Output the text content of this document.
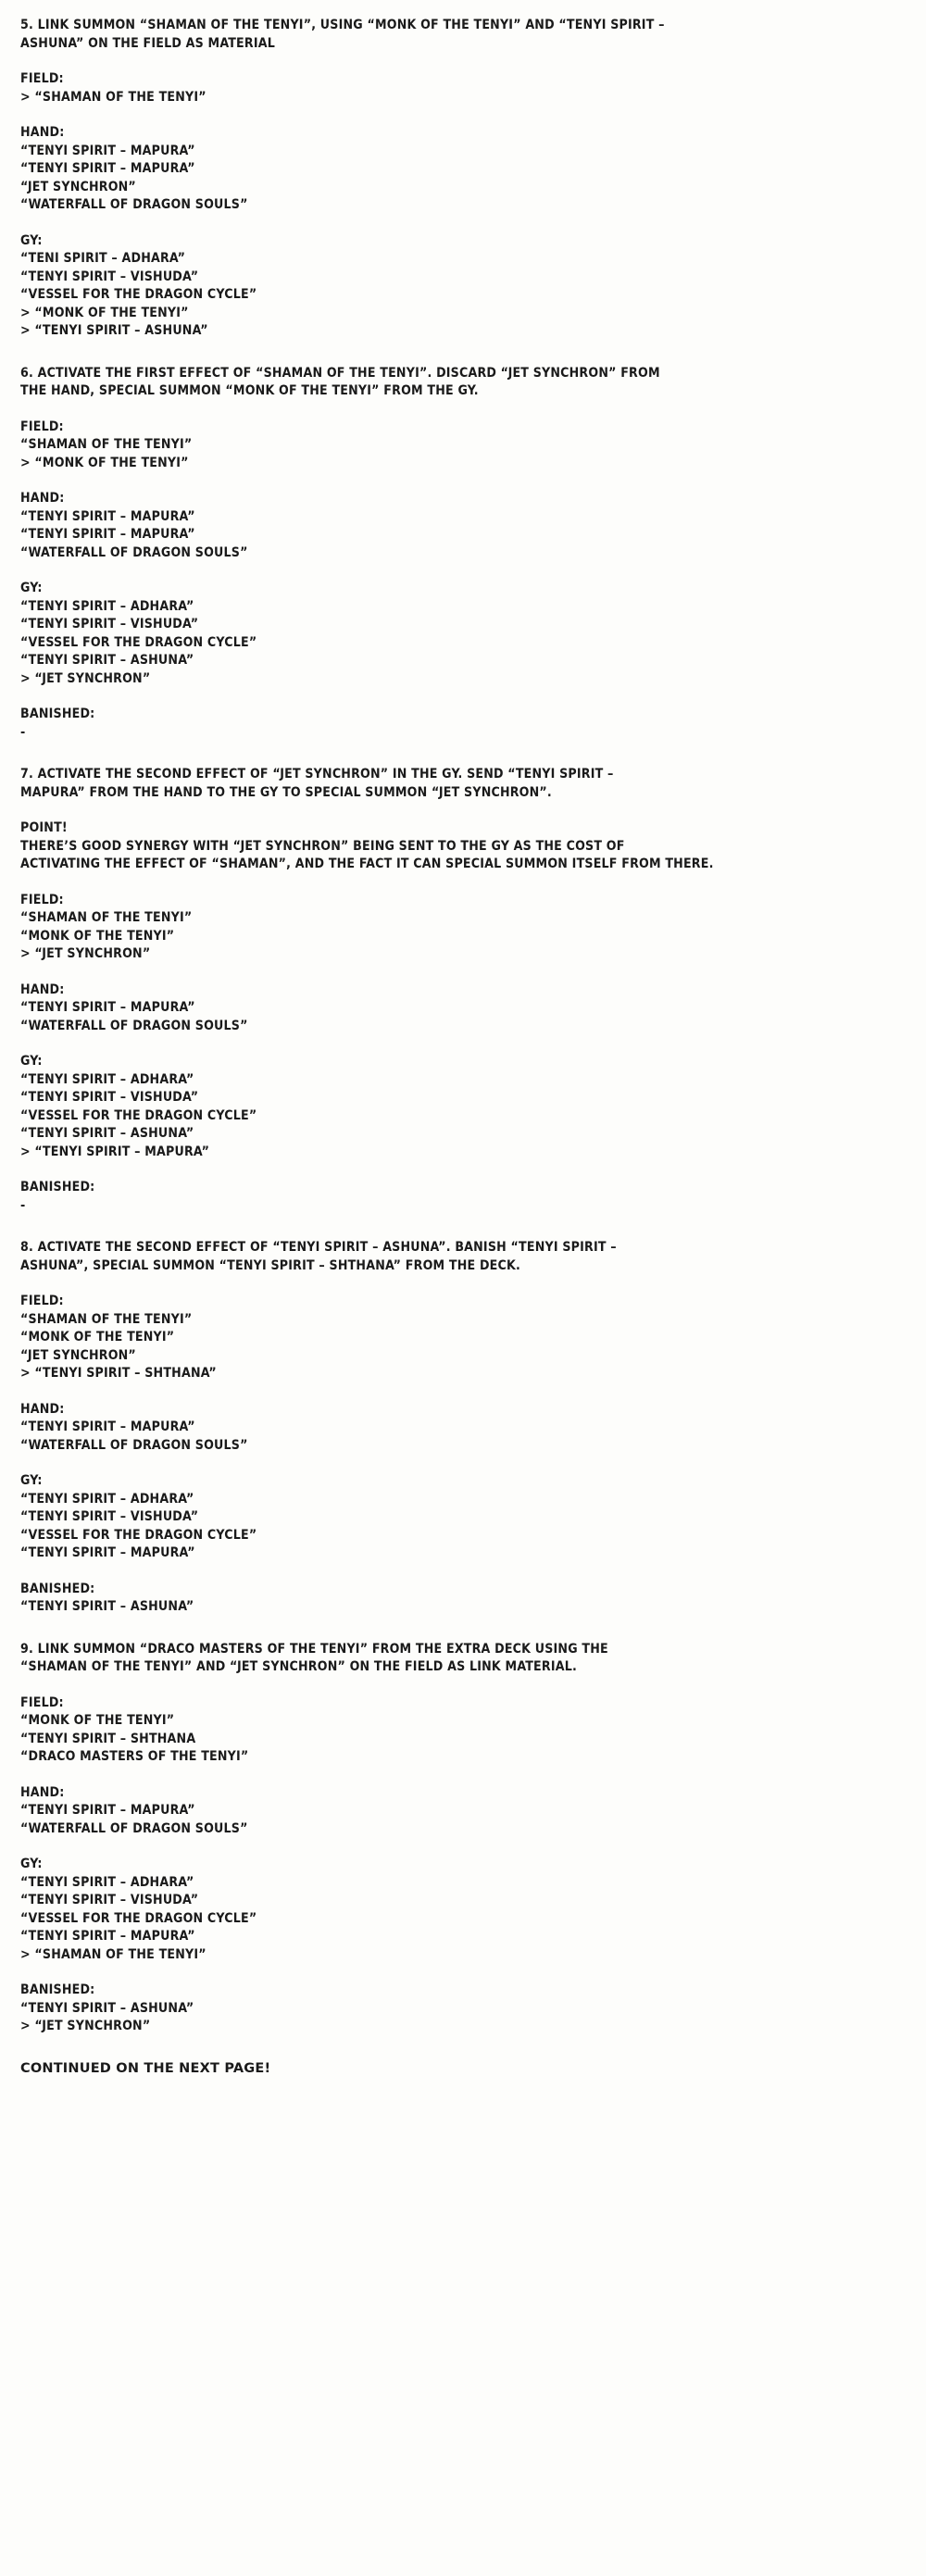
5. LINK SUMMON “SHAMAN OF THE TENYI”, USING “MONK OF THE TENYI” AND “TENYI SPIRIT –
ASHUNA” ON THE FIELD AS MATERIAL
FIELD:
> “SHAMAN OF THE TENYI”
HAND:
“TENYI SPIRIT – MAPURA”
“TENYI SPIRIT – MAPURA”
“JET SYNCHRON”
“WATERFALL OF DRAGON SOULS”
GY:
“TENI SPIRIT – ADHARA”
“TENYI SPIRIT – VISHUDA”
“VESSEL FOR THE DRAGON CYCLE”
> “MONK OF THE TENYI”
> “TENYI SPIRIT – ASHUNA”
6. ACTIVATE THE FIRST EFFECT OF “SHAMAN OF THE TENYI”. DISCARD “JET SYNCHRON” FROM
THE HAND, SPECIAL SUMMON “MONK OF THE TENYI” FROM THE GY.
FIELD:
“SHAMAN OF THE TENYI”
> “MONK OF THE TENYI”
HAND:
“TENYI SPIRIT – MAPURA”
“TENYI SPIRIT – MAPURA”
“WATERFALL OF DRAGON SOULS”
GY:
“TENYI SPIRIT – ADHARA”
“TENYI SPIRIT – VISHUDA”
“VESSEL FOR THE DRAGON CYCLE”
“TENYI SPIRIT – ASHUNA”
> “JET SYNCHRON”
BANISHED:
-
7. ACTIVATE THE SECOND EFFECT OF “JET SYNCHRON” IN THE GY. SEND “TENYI SPIRIT –
MAPURA” FROM THE HAND TO THE GY TO SPECIAL SUMMON “JET SYNCHRON”.
POINT!
THERE’S GOOD SYNERGY WITH “JET SYNCHRON” BEING SENT TO THE GY AS THE COST OF
ACTIVATING THE EFFECT OF “SHAMAN”, AND THE FACT IT CAN SPECIAL SUMMON ITSELF FROM THERE.
FIELD:
“SHAMAN OF THE TENYI”
“MONK OF THE TENYI”
> “JET SYNCHRON”
HAND:
“TENYI SPIRIT – MAPURA”
“WATERFALL OF DRAGON SOULS”
GY:
“TENYI SPIRIT – ADHARA”
“TENYI SPIRIT – VISHUDA”
“VESSEL FOR THE DRAGON CYCLE”
“TENYI SPIRIT – ASHUNA”
> “TENYI SPIRIT – MAPURA”
BANISHED:
-
8. ACTIVATE THE SECOND EFFECT OF “TENYI SPIRIT – ASHUNA”. BANISH “TENYI SPIRIT –
ASHUNA”, SPECIAL SUMMON “TENYI SPIRIT – SHTHANA” FROM THE DECK.
FIELD:
“SHAMAN OF THE TENYI”
“MONK OF THE TENYI”
“JET SYNCHRON”
> “TENYI SPIRIT – SHTHANA”
HAND:
“TENYI SPIRIT – MAPURA”
“WATERFALL OF DRAGON SOULS”
GY:
“TENYI SPIRIT – ADHARA”
“TENYI SPIRIT – VISHUDA”
“VESSEL FOR THE DRAGON CYCLE”
“TENYI SPIRIT – MAPURA”
BANISHED:
“TENYI SPIRIT – ASHUNA”
9. LINK SUMMON “DRACO MASTERS OF THE TENYI” FROM THE EXTRA DECK USING THE
“SHAMAN OF THE TENYI” AND “JET SYNCHRON” ON THE FIELD AS LINK MATERIAL.
FIELD:
“MONK OF THE TENYI”
“TENYI SPIRIT – SHTHANA
“DRACO MASTERS OF THE TENYI”
HAND:
“TENYI SPIRIT – MAPURA”
“WATERFALL OF DRAGON SOULS”
GY:
“TENYI SPIRIT – ADHARA”
“TENYI SPIRIT – VISHUDA”
“VESSEL FOR THE DRAGON CYCLE”
“TENYI SPIRIT – MAPURA”
> “SHAMAN OF THE TENYI”
BANISHED:
“TENYI SPIRIT – ASHUNA”
> “JET SYNCHRON”
CONTINUED ON THE NEXT PAGE!
